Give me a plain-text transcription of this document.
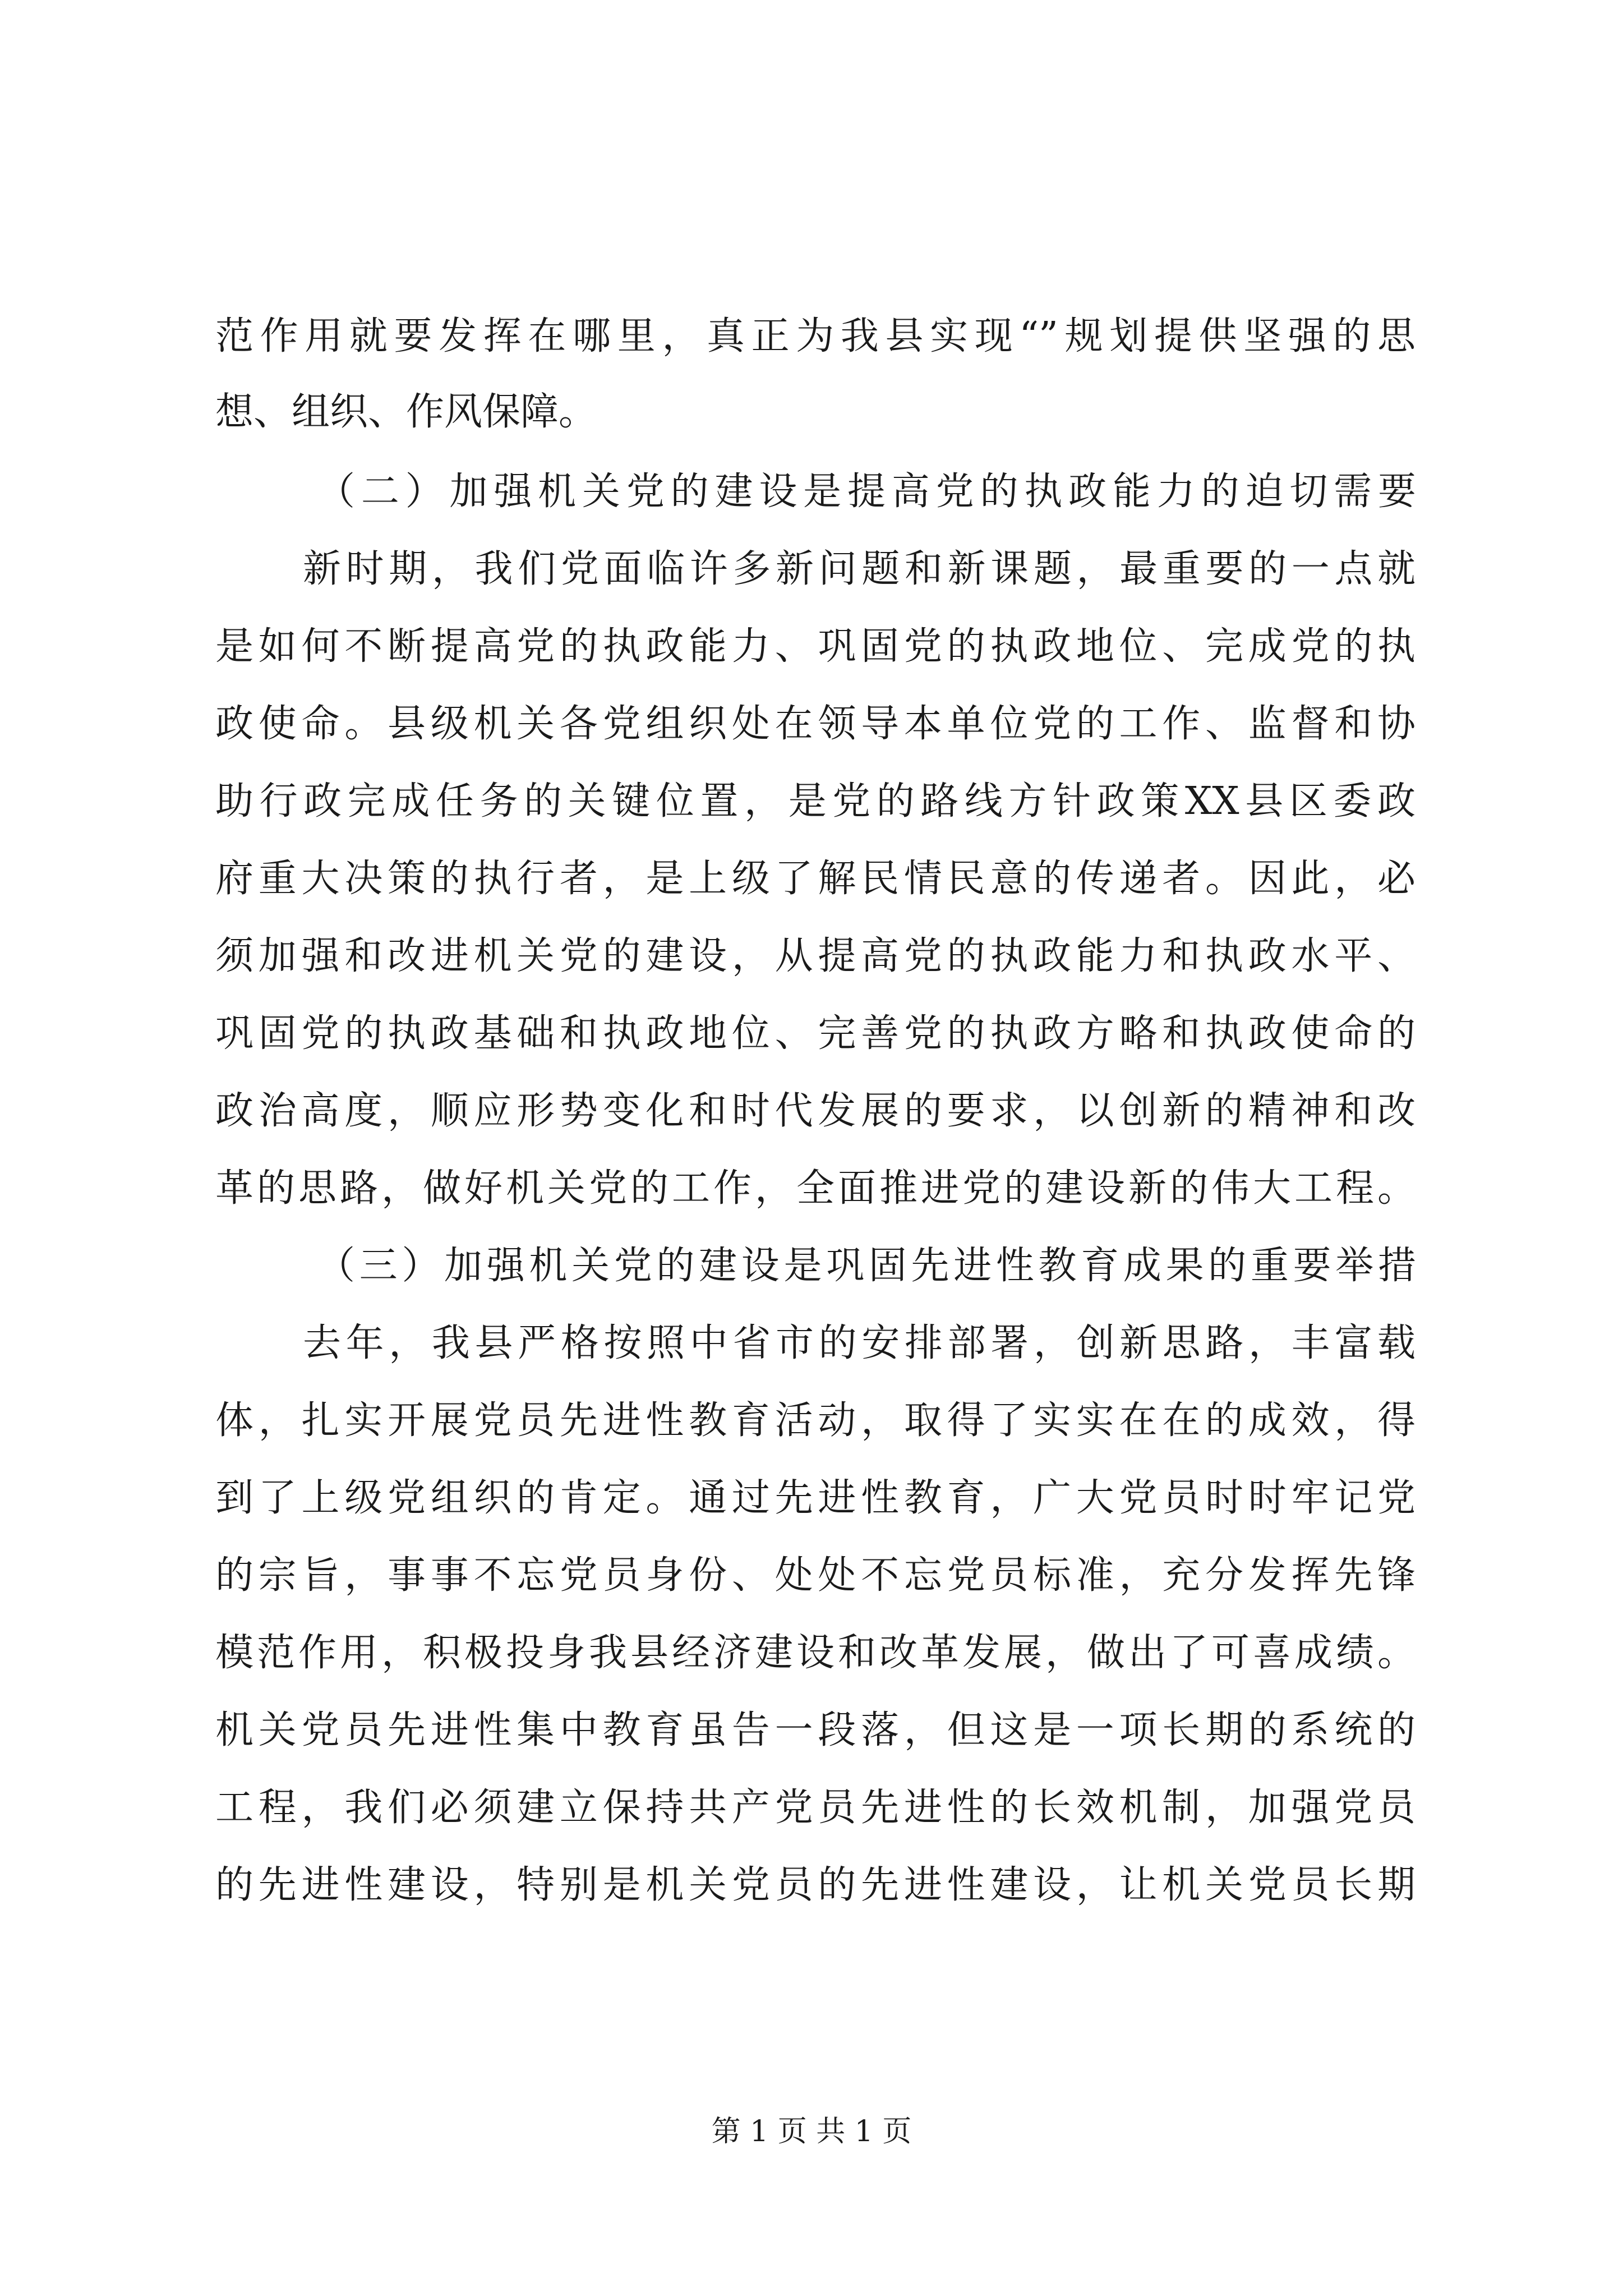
范作用就要发挥在哪里，真正为我县实现“”规划提供坚强的思
想、组织、作风保障。
（二）加强机关党的建设是提高党的执政能力的迫切需要
新时期，我们党面临许多新问题和新课题，最重要的一点就
是如何不断提高党的执政能力、巩固党的执政地位、完成党的执
政使命。县级机关各党组织处在领导本单位党的工作、监督和协
助行政完成任务的关键位置，是党的路线方针政策XX县区委政
府重大决策的执行者，是上级了解民情民意的传递者。因此，必
须加强和改进机关党的建设，从提高党的执政能力和执政水平、
巩固党的执政基础和执政地位、完善党的执政方略和执政使命的
政治高度，顺应形势变化和时代发展的要求，以创新的精神和改
革的思路，做好机关党的工作，全面推进党的建设新的伟大工程。
（三）加强机关党的建设是巩固先进性教育成果的重要举措
去年，我县严格按照中省市的安排部署，创新思路，丰富载
体，扎实开展党员先进性教育活动，取得了实实在在的成效，得
到了上级党组织的肯定。通过先进性教育，广大党员时时牢记党
的宗旨，事事不忘党员身份、处处不忘党员标准，充分发挥先锋
模范作用，积极投身我县经济建设和改革发展，做出了可喜成绩。
机关党员先进性集中教育虽告一段落，但这是一项长期的系统的
工程，我们必须建立保持共产党员先进性的长效机制，加强党员
的先进性建设，特别是机关党员的先进性建设，让机关党员长期
第 1 页 共 1 页
